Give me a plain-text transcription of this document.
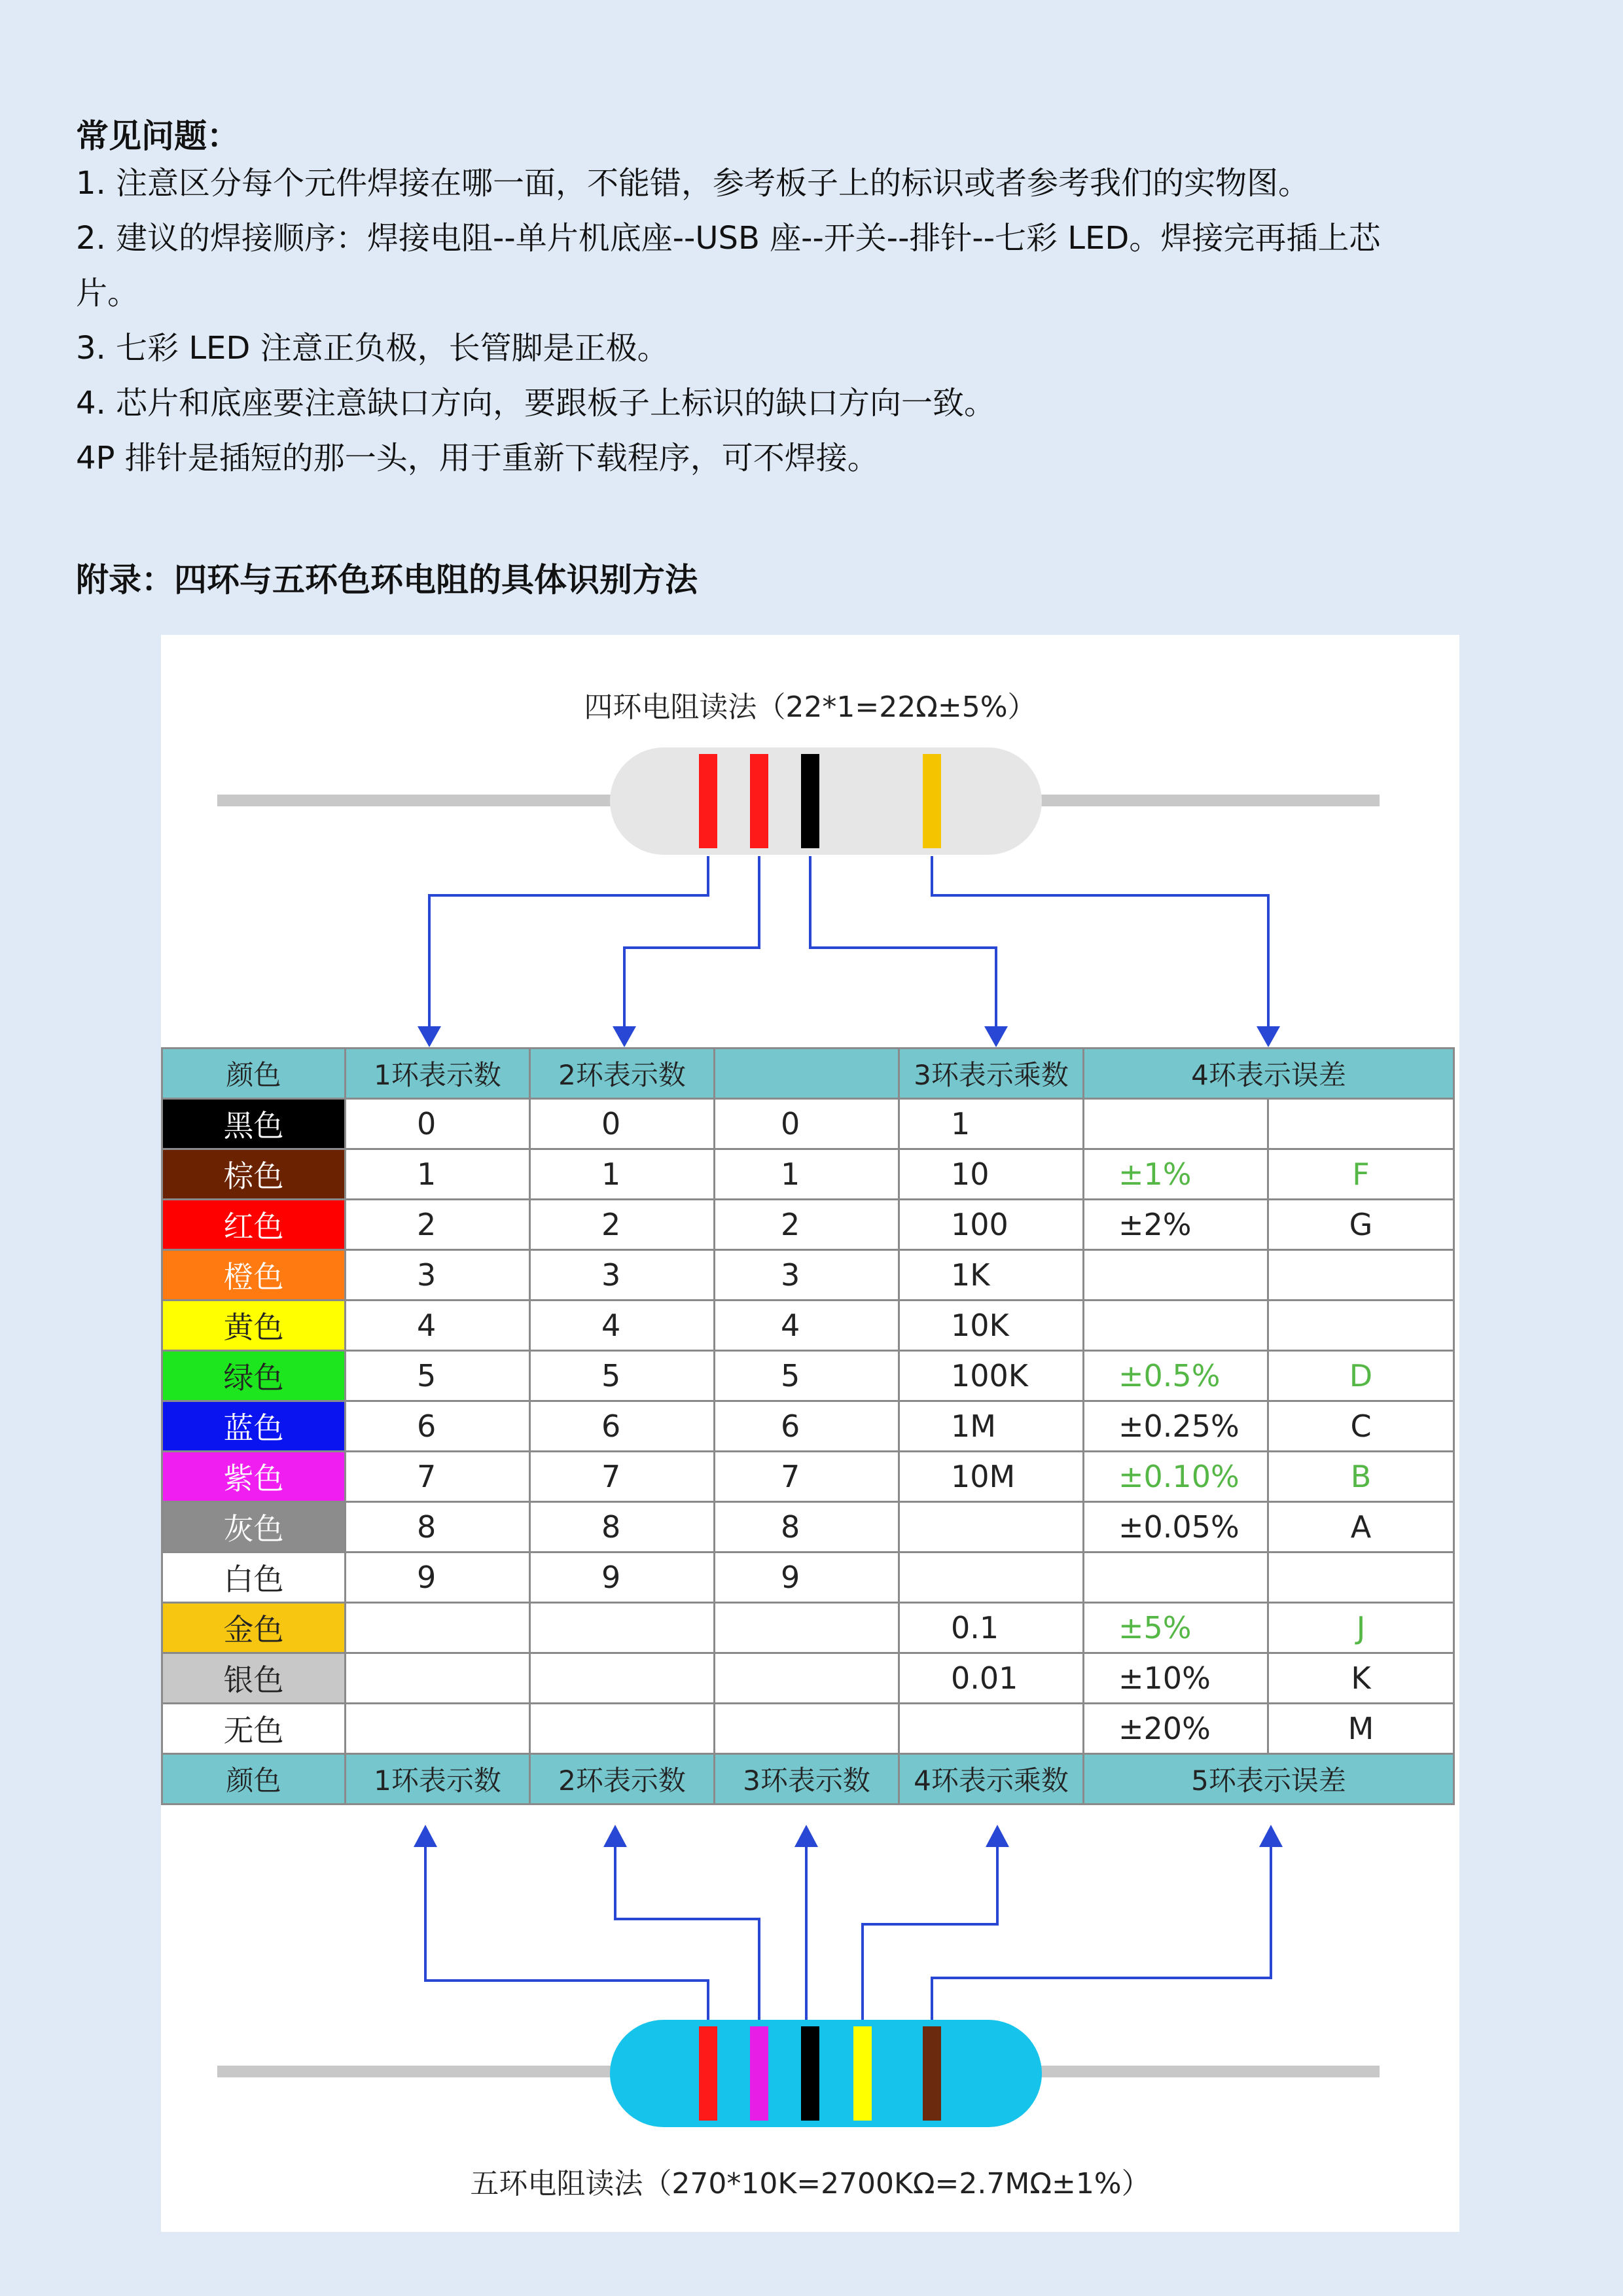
常见问题：
1. 注意区分每个元件焊接在哪一面，不能错，参考板子上的标识或者参考我们的实物图。
2. 建议的焊接顺序：焊接电阻--单片机底座--USB 座--开关--排针--七彩 LED。焊接完再插上芯
片。
3. 七彩 LED 注意正负极，长管脚是正极。
4. 芯片和底座要注意缺口方向，要跟板子上标识的缺口方向一致。
4P 排针是插短的那一头，用于重新下载程序，可不焊接。
附录：四环与五环色环电阻的具体识别方法
四环电阻读法（22*1=22Ω±5%）
颜色	1环表示数	2环表示数		3环表示乘数	4环表示误差	
黑色	0	0	0	1		
棕色	1	1	1	10	±1%	F
红色	2	2	2	100	±2%	G
橙色	3	3	3	1K		
黄色	4	4	4	10K		
绿色	5	5	5	100K	±0.5%	D
蓝色	6	6	6	1M	±0.25%	C
紫色	7	7	7	10M	±0.10%	B
灰色	8	8	8		±0.05%	A
白色	9	9	9			
金色				0.1	±5%	J
银色				0.01	±10%	K
无色					±20%	M
颜色	1环表示数	2环表示数	3环表示数	4环表示乘数	5环表示误差	
五环电阻读法（270*10K=2700KΩ=2.7MΩ±1%）
